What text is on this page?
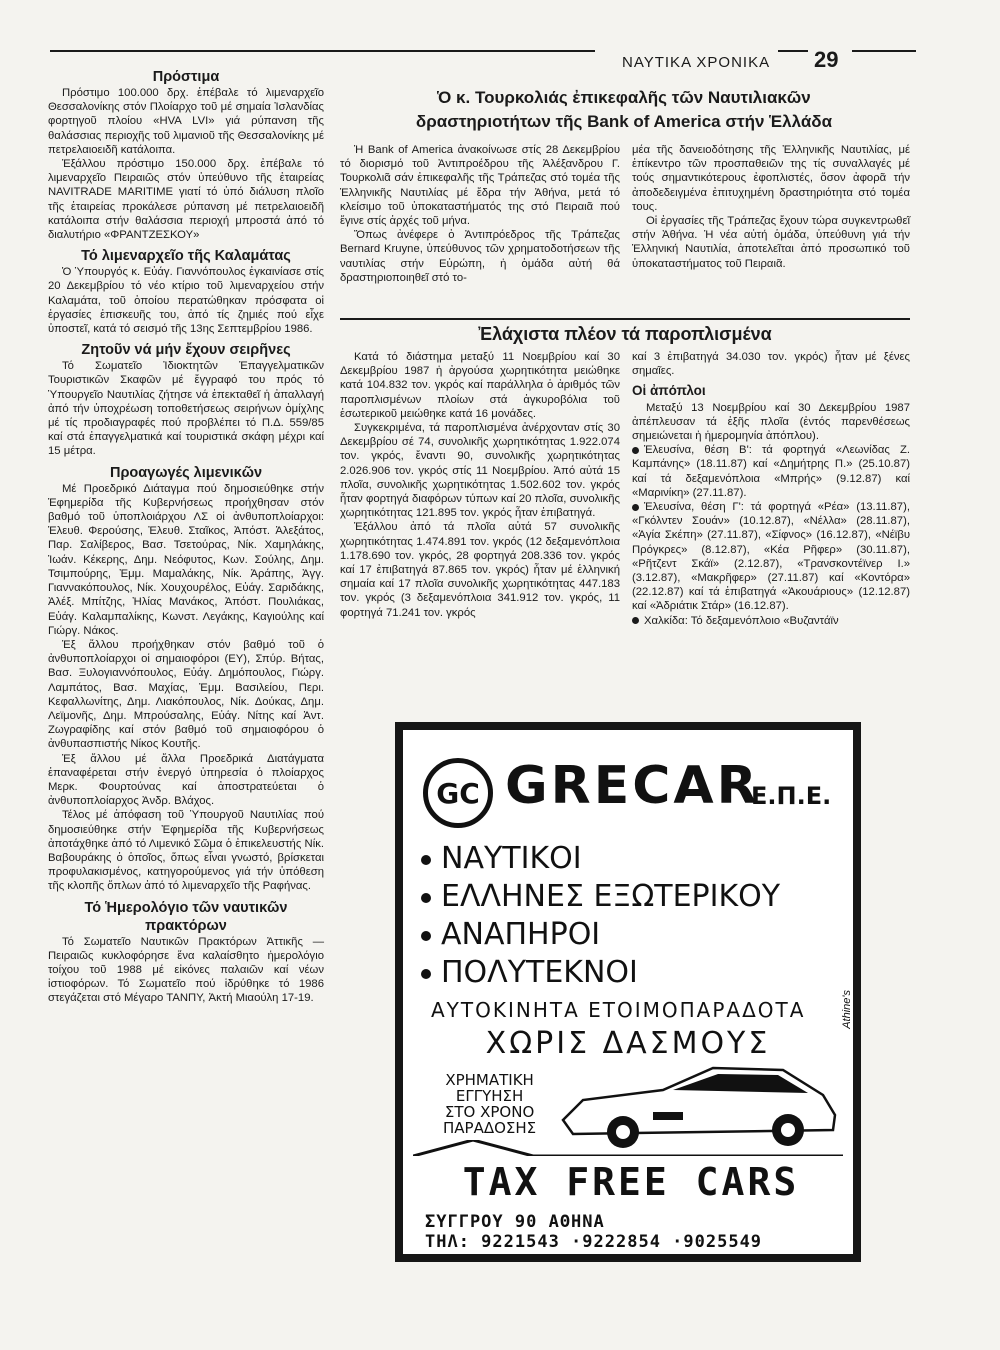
ΝΑΥΤΙΚΑ ΧΡΟΝΙΚΑ 29
Πρόστιμα

Πρόστιμο 100.000 δρχ. ἐπέβαλε τό λιμεναρχεῖο Θεσσαλονίκης στόν Πλοίαρχο τοῦ μέ σημαία Ἰσλανδίας φορτηγοῦ πλοίου «HVA LVI» γιά ρύπανση τῆς θαλάσσιας περιοχῆς τοῦ λιμανιοῦ τῆς Θεσσαλονίκης μέ πετρελαιοειδῆ κατάλοιπα.

Ἐξάλλου πρόστιμο 150.000 δρχ. ἐπέβαλε τό λιμεναρχεῖο Πειραιῶς στόν ὑπεύθυνο τῆς ἑταιρείας NAVITRADE MARITIME γιατί τό ὑπό διάλυση πλοῖο τῆς ἑταιρείας προκάλεσε ρύπανση μέ πετρελαιοειδῆ κατάλοιπα στήν θαλάσσια περιοχή μπροστά ἀπό τό διαλυτήριο «ΦΡΑΝΤΖΕΣΚΟΥ»

Τό λιμεναρχεῖο τῆς Καλαμάτας

Ὁ Ὑπουργός κ. Εὐάγ. Γιαννόπουλος ἐγκαινίασε στίς 20 Δεκεμβρίου τό νέο κτίριο τοῦ λιμεναρχείου στήν Καλαμάτα, τοῦ ὁποίου περατώθηκαν πρόσφατα οἱ ἐργασίες ἐπισκευῆς του, ἀπό τίς ζημιές πού εἶχε ὑποστεῖ, κατά τό σεισμό τῆς 13ης Σεπτεμβρίου 1986.

Ζητοῦν νά μήν ἔχουν σειρῆνες

Τό Σωματεῖο Ἰδιοκτητῶν Ἐπαγγελματικῶν Τουριστικῶν Σκαφῶν μέ ἔγγραφό του πρός τό Ὑπουργεῖο Ναυτιλίας ζήτησε νά ἐπεκταθεῖ ἡ ἀπαλλαγή ἀπό τήν ὑποχρέωση τοποθετήσεως σειρήνων ὁμίχλης μέ τίς προδιαγραφές πού προβλέπει τό Π.Δ. 559/85 καί στά ἐπαγγελματικά καί τουριστικά σκάφη μέχρι καί 15 μέτρα.

Προαγωγές λιμενικῶν

Μέ Προεδρικό Διάταγμα πού δημοσιεύθηκε στήν Ἐφημερίδα τῆς Κυβερνήσεως προήχθησαν στόν βαθμό τοῦ ὑποπλοιάρχου ΛΣ οἱ ἀνθυποπλοίαρχοι: Ἐλευθ. Φερούσης, Ἐλευθ. Σταῖκος, Ἀπόστ. Ἀλεξάτος, Παρ. Σαλίβερος, Βασ. Τσετούρας, Νίκ. Χαμηλάκης, Ἰωάν. Κέκερης, Δημ. Νεόφυτος, Κων. Σούλης, Δημ. Τσιμπούρης, Ἐμμ. Μαμαλάκης, Νίκ. Ἀράπης, Ἀγγ. Γιαννακόπουλος, Νίκ. Χουχουρέλος, Εὐάγ. Σαριδάκης, Ἀλέξ. Μπίτζης, Ἠλίας Μανάκος, Ἀπόστ. Πουλιάκας, Εὐάγ. Καλαμπαλίκης, Κωνστ. Λεγάκης, Καγιούλης καί Γιώργ. Νάκος.

Ἐξ ἄλλου προήχθηκαν στόν βαθμό τοῦ ὁ ἀνθυποπλοίαρχοι οἱ σημαιοφόροι (ΕΥ), Σπύρ. Βήτας, Βασ. Ξυλογιαννόπουλος, Εὐάγ. Δημόπουλος, Γιώργ. Λαμπάτος, Βασ. Μαχίας, Ἐμμ. Βασιλείου, Περι. Κεφαλλωνίτης, Δημ. Λιακόπουλος, Νίκ. Δούκας, Δημ. Λεϊμονῆς, Δημ. Μπρούσαλης, Εὐάγ. Νίτης καί Ἀντ. Ζωγραφίδης καί στόν βαθμό τοῦ σημαιοφόρου ὁ ἀνθυπασπιστής Νίκος Κουτῆς.

Ἐξ ἄλλου μέ ἄλλα Προεδρικά Διατάγματα ἐπαναφέρεται στήν ἐνεργό ὑπηρεσία ὁ πλοίαρχος Μερκ. Φουρτούνας καί ἀποστρατεύεται ὁ ἀνθυποπλοίαρχος Ἀνδρ. Βλάχος.

Τέλος μέ ἀπόφαση τοῦ Ὑπουργοῦ Ναυτιλίας πού δημοσιεύθηκε στήν Ἐφημερίδα τῆς Κυβερνήσεως ἀποτάχθηκε ἀπό τό Λιμενικό Σῶμα ὁ ἐπικελευστής Νίκ. Βαβουράκης ὁ ὁποῖος, ὅπως εἶναι γνωστό, βρίσκεται προφυλακισμένος, κατηγορούμενος γιά τήν ὑπόθεση τῆς κλοπῆς ὅπλων ἀπό τό λιμεναρχεῖο τῆς Ραφήνας.

Τό Ἡμερολόγιο τῶν ναυτικῶν πρακτόρων

Τό Σωματεῖο Ναυτικῶν Πρακτόρων Ἀττικῆς — Πειραιῶς κυκλοφόρησε ἕνα καλαίσθητο ἡμερολόγιο τοίχου τοῦ 1988 μέ εἰκόνες παλαιῶν καί νέων ἱστιοφόρων. Τό Σωματεῖο πού ἱδρύθηκε τό 1986 στεγάζεται στό Μέγαρο ΤΑΝΠΥ, Ἀκτή Μιαούλη 17-19.

Ὁ κ. Τουρκολιάς ἐπικεφαλῆς τῶν Ναυτιλιακῶν
δραστηριοτήτων τῆς Bank of America στήν Ἑλλάδα

Ἡ Bank of America ἀνακοίνωσε στίς 28 Δεκεμβρίου τό διορισμό τοῦ Ἀντιπροέδρου τῆς Ἀλέξανδρου Γ. Τουρκολιᾶ σάν ἐπικεφαλῆς τῆς Τράπεζας στό τομέα τῆς Ἑλληνικῆς Ναυτιλίας μέ ἕδρα τήν Ἀθήνα, μετά τό κλείσιμο τοῦ ὑποκαταστήματός της στό Πειραιᾶ πού ἔγινε στίς ἀρχές τοῦ μήνα.

Ὅπως ἀνέφερε ὁ Ἀντιπρόεδρος τῆς Τράπεζας Bernard Kruyne, ὑπεύθυνος τῶν χρηματοδοτήσεων τῆς ναυτιλίας στήν Εὐρώπη, ἡ ὁμάδα αὐτή θά δραστηριοποιηθεῖ στό το-

μέα τῆς δανειοδότησης τῆς Ἑλληνικῆς Ναυτιλίας, μέ ἐπίκεντρο τῶν προσπαθειῶν της τίς συναλλαγές μέ τούς σημαντικότερους ἐφοπλιστές, ὅσον ἀφορᾶ τήν ἀποδεδειγμένα ἐπιτυχημένη δραστηριότητα στό τομέα τους.

Οἱ ἐργασίες τῆς Τράπεζας ἔχουν τώρα συγκεντρωθεῖ στήν Ἀθήνα. Ἡ νέα αὐτή ὁμάδα, ὑπεύθυνη γιά τήν Ἑλληνική Ναυτιλία, ἀποτελεῖται ἀπό προσωπικό τοῦ ὑποκαταστήματος τοῦ Πειραιᾶ.

Ἐλάχιστα πλέον τά παροπλισμένα

Κατά τό διάστημα μεταξύ 11 Νοεμβρίου καί 30 Δεκεμβρίου 1987 ἡ ἀργούσα χωρητικότητα μειώθηκε κατά 104.832 τον. γκρός καί παράλληλα ὁ ἀριθμός τῶν παροπλισμένων πλοίων στά ἀγκυροβόλια τοῦ ἐσωτερικοῦ μειώθηκε κατά 16 μονάδες.

Συγκεκριμένα, τά παροπλισμένα ἀνέρχονταν στίς 30 Δεκεμβρίου σέ 74, συνολικῆς χωρητικότητας 1.922.074 τον. γκρός, ἔναντι 90, συνολικῆς χωρητικότητας 2.026.906 τον. γκρός στίς 11 Νοεμβρίου. Ἀπό αὐτά 15 πλοῖα, συνολικῆς χωρητικότητας 1.502.602 τον. γκρός ἦταν φορτηγά διαφόρων τύπων καί 20 πλοῖα, συνολικῆς χωρητικότητας 121.895 τον. γκρός ἦταν ἐπιβατηγά.

Ἐξάλλου ἀπό τά πλοῖα αὐτά 57 συνολικῆς χωρητικότητας 1.474.891 τον. γκρός (12 δεξαμενόπλοια 1.178.690 τον. γκρός, 28 φορτηγά 208.336 τον. γκρός καί 17 ἐπιβατηγά 87.865 τον. γκρός) ἦταν μέ ἑλληνική σημαία καί 17 πλοῖα συνολικῆς χωρητικότητας 447.183 τον. γκρός (3 δεξαμενόπλοια 341.912 τον. γκρός, 11 φορτηγά 71.241 τον. γκρός

καί 3 ἐπιβατηγά 34.030 τον. γκρός) ἦταν μέ ξένες σημαῖες.

Οἱ ἀπόπλοι

Μεταξύ 13 Νοεμβρίου καί 30 Δεκεμβρίου 1987 ἀπέπλευσαν τά ἑξῆς πλοῖα (ἐντός παρενθέσεως σημειώνεται ἡ ἡμερομηνία ἀπόπλου).

Ἐλευσίνα, θέση Β': τά φορτηγά «Λεωνίδας Ζ. Καμπάνης» (18.11.87) καί «Δημήτρης Π.» (25.10.87) καί τά δεξαμενόπλοια «Μπρής» (9.12.87) καί «Μαρινίκη» (27.11.87).

Ἐλευσίνα, θέση Γ': τά φορτηγά «Ρέα» (13.11.87), «Γκόλντεν Σουάν» (10.12.87), «Νέλλα» (28.11.87), «Ἁγία Σκέπη» (27.11.87), «Σίφνος» (16.12.87), «Νέϊβυ Πρόγκρες» (8.12.87), «Κέα Ρῆφερ» (30.11.87), «Ρῆτζεντ Σκάϊ» (2.12.87), «Τρανσκοντέϊνερ Ι.» (3.12.87), «Μακρῆφερ» (27.11.87) καί «Κοντόρα» (22.12.87) καί τά ἐπιβατηγά «Ἀκουάριους» (12.12.87) καί «Ἀδριάτικ Στάρ» (16.12.87).

Χαλκίδα: Τό δεξαμενόπλοιο «Βυζαντάϊν

GC GRECAR
Ε.Π.Ε.
ΝΑΥΤΙΚΟΙ
ΕΛΛΗΝΕΣ ΕΞΩΤΕΡΙΚΟΥ
ΑΝΑΠΗΡΟΙ
ΠΟΛΥΤΕΚΝΟΙ
ΑΥΤΟΚΙΝΗΤΑ ΕΤΟΙΜΟΠΑΡΑΔΟΤΑ
ΧΩΡΙΣ ΔΑΣΜΟΥΣ
ΧΡΗΜΑΤΙΚΗ
ΕΓΓΥΗΣΗ
ΣΤΟ ΧΡΟΝΟ
ΠΑΡΑΔΟΣΗΣ
TAX FREE CARS
ΣΥΓΓΡΟΥ 90 ΑΘΗΝΑ
ΤΗΛ: 9221543 ·9222854 ·9025549
Athine's
